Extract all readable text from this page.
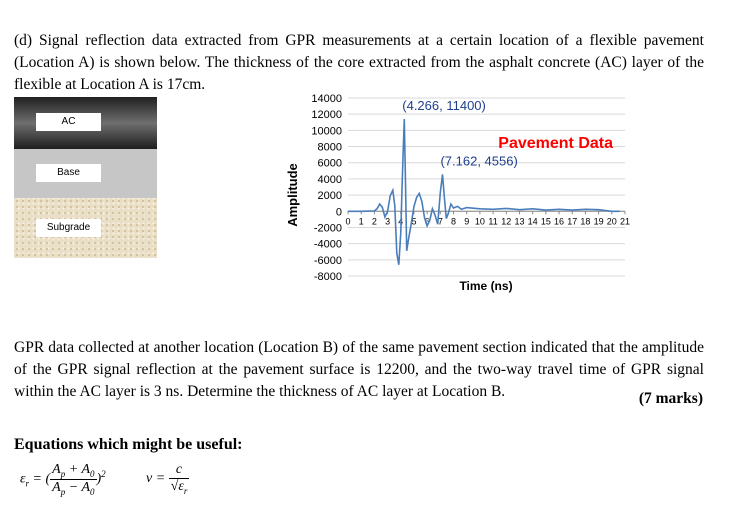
(d) Signal reflection data extracted from GPR measurements at a certain location of a flexible pavement (Location A) is shown below. The thickness of the core extracted from the asphalt concrete (AC) layer of the flexible at Location A is 17cm.

AC
Base
Subgrade
14000
12000
10000
8000
6000
4000
2000
0
-2000
-4000
-6000
-8000
0 1 2 3 4 5 6 7 8 9 10 11 12 13 14 15 16 17 18 19 20 21
(4.266, 11400)
(7.162, 4556)
Pavement Data
Amplitude
Time (ns)

GPR data collected at another location (Location B) of the same pavement section indicated that the amplitude of the GPR signal reflection at the pavement surface is 12200, and the two-way travel time of GPR signal within the AC layer is 3 ns. Determine the thickness of AC layer at Location B.	(7 marks)
Equations which might be useful:
$\varepsilon_r$ = ( $\frac{A_p + A_0}{A_p - A_0} )^2$	$v = \frac{c}{√\varepsilon_r}$
